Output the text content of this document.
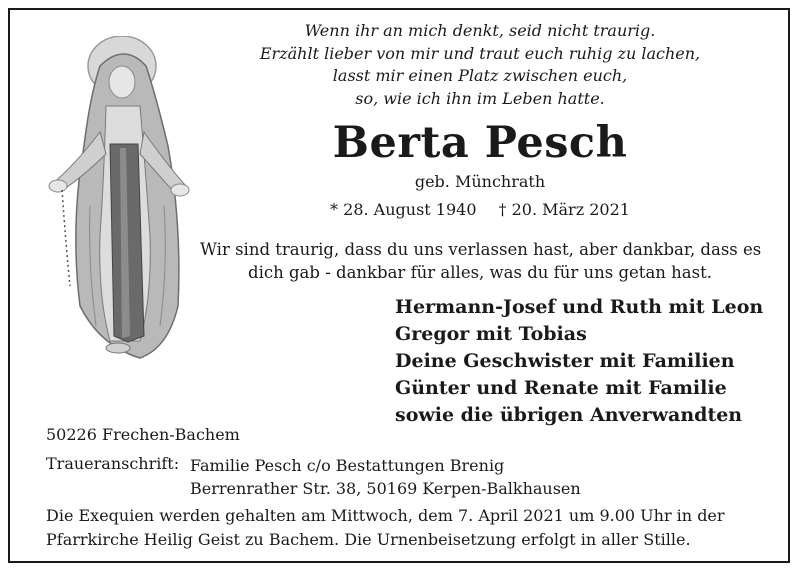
Wenn ihr an mich denkt, seid nicht traurig.
Erzählt lieber von mir und traut euch ruhig zu lachen,
lasst mir einen Platz zwischen euch,
so, wie ich ihn im Leben hatte.
Berta Pesch
geb. Münchrath
* 28. August 1940 † 20. März 2021
Wir sind traurig, dass du uns verlassen hast, aber dankbar, dass es
dich gab - dankbar für alles, was du für uns getan hast.
Hermann-Josef und Ruth mit Leon
Gregor mit Tobias
Deine Geschwister mit Familien
Günter und Renate mit Familie
sowie die übrigen Anverwandten
50226 Frechen-Bachem
Traueranschrift: Familie Pesch c/o Bestattungen Brenig
Berrenrather Str. 38, 50169 Kerpen-Balkhausen
Die Exequien werden gehalten am Mittwoch, dem 7. April 2021 um 9.00 Uhr in der
Pfarrkirche Heilig Geist zu Bachem. Die Urnenbeisetzung erfolgt in aller Stille.
